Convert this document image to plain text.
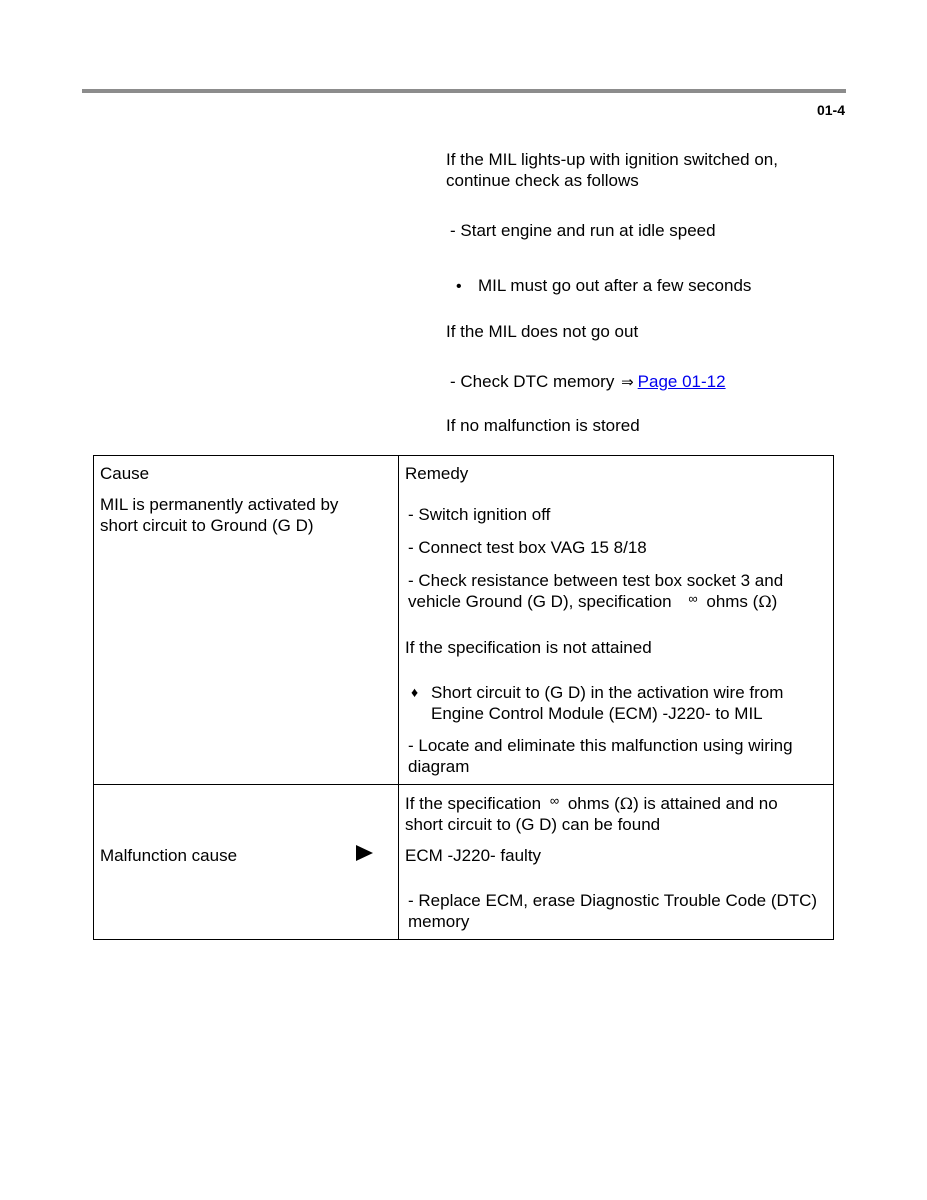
01-4
If the MIL lights-up with ignition switched on, continue check as follows
- Start engine and run at idle speed
• MIL must go out after a few seconds
If the MIL does not go out
- Check DTC memory ⇒ Page 01-12
If no malfunction is stored
Cause	Remedy
MIL is permanently activated by short circuit to Ground (G D)
- Switch ignition off
- Connect test box VAG 15 8/18
- Check resistance between test box socket 3 and
vehicle Ground (G D), specification ∞ ohms (Ω)
If the specification is not attained
♦ Short circuit to (G D) in the activation wire from Engine Control Module (ECM) -J220- to MIL
- Locate and eliminate this malfunction using wiring diagram
If the specification ∞ ohms (Ω) is attained and no
short circuit to (G D) can be found
Malfunction cause	ECM -J220- faulty
- Replace ECM, erase Diagnostic Trouble Code (DTC) memory
